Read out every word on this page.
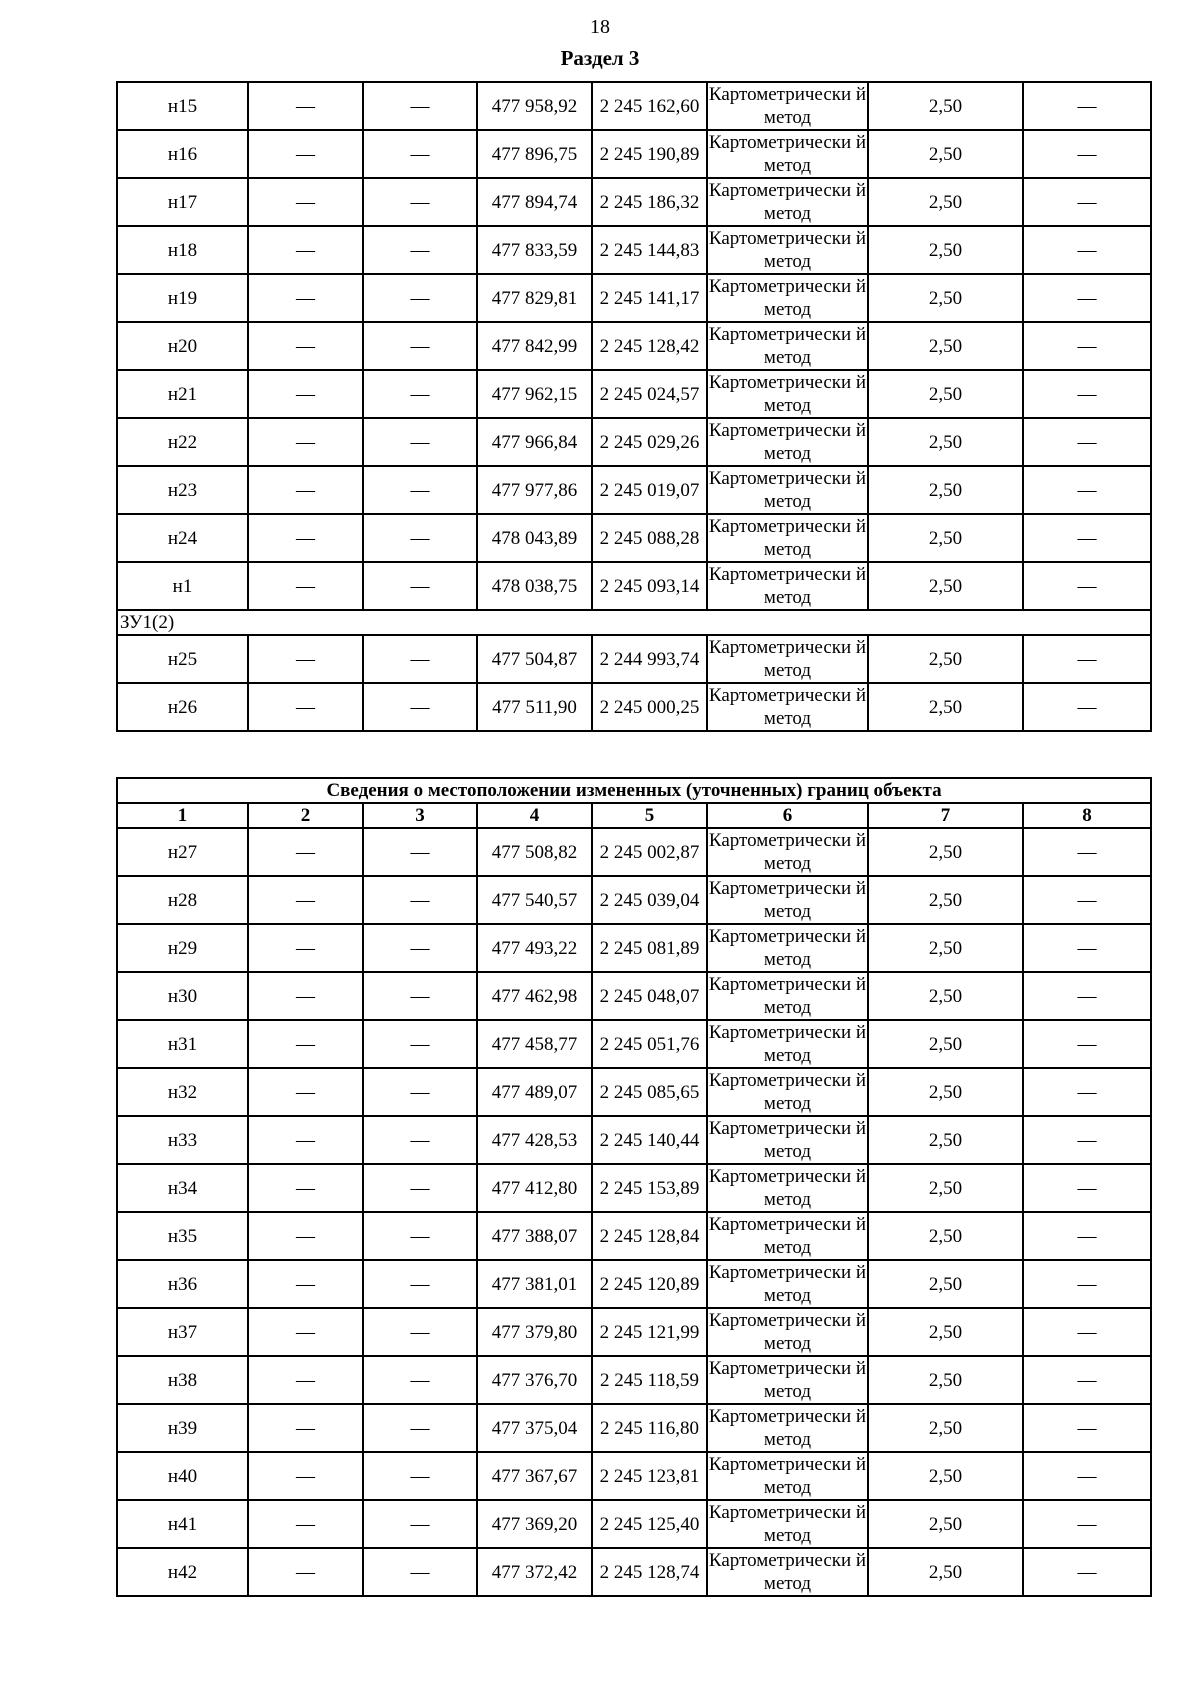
18
Раздел 3
н15	—	—	477 958,92	2 245 162,60	Картометрически й метод	2,50	—
н16	—	—	477 896,75	2 245 190,89	Картометрически й метод	2,50	—
н17	—	—	477 894,74	2 245 186,32	Картометрически й метод	2,50	—
н18	—	—	477 833,59	2 245 144,83	Картометрически й метод	2,50	—
н19	—	—	477 829,81	2 245 141,17	Картометрически й метод	2,50	—
н20	—	—	477 842,99	2 245 128,42	Картометрически й метод	2,50	—
н21	—	—	477 962,15	2 245 024,57	Картометрически й метод	2,50	—
н22	—	—	477 966,84	2 245 029,26	Картометрически й метод	2,50	—
н23	—	—	477 977,86	2 245 019,07	Картометрически й метод	2,50	—
н24	—	—	478 043,89	2 245 088,28	Картометрически й метод	2,50	—
н1	—	—	478 038,75	2 245 093,14	Картометрически й метод	2,50	—
ЗУ1(2)							
н25	—	—	477 504,87	2 244 993,74	Картометрически й метод	2,50	—
н26	—	—	477 511,90	2 245 000,25	Картометрически й метод	2,50	—
Сведения о местоположении измененных (уточненных) границ объекта							
1	2	3	4	5	6	7	8
н27	—	—	477 508,82	2 245 002,87	Картометрически й метод	2,50	—
н28	—	—	477 540,57	2 245 039,04	Картометрически й метод	2,50	—
н29	—	—	477 493,22	2 245 081,89	Картометрически й метод	2,50	—
н30	—	—	477 462,98	2 245 048,07	Картометрически й метод	2,50	—
н31	—	—	477 458,77	2 245 051,76	Картометрически й метод	2,50	—
н32	—	—	477 489,07	2 245 085,65	Картометрически й метод	2,50	—
н33	—	—	477 428,53	2 245 140,44	Картометрически й метод	2,50	—
н34	—	—	477 412,80	2 245 153,89	Картометрически й метод	2,50	—
н35	—	—	477 388,07	2 245 128,84	Картометрически й метод	2,50	—
н36	—	—	477 381,01	2 245 120,89	Картометрически й метод	2,50	—
н37	—	—	477 379,80	2 245 121,99	Картометрически й метод	2,50	—
н38	—	—	477 376,70	2 245 118,59	Картометрически й метод	2,50	—
н39	—	—	477 375,04	2 245 116,80	Картометрически й метод	2,50	—
н40	—	—	477 367,67	2 245 123,81	Картометрически й метод	2,50	—
н41	—	—	477 369,20	2 245 125,40	Картометрически й метод	2,50	—
н42	—	—	477 372,42	2 245 128,74	Картометрически й метод	2,50	—
